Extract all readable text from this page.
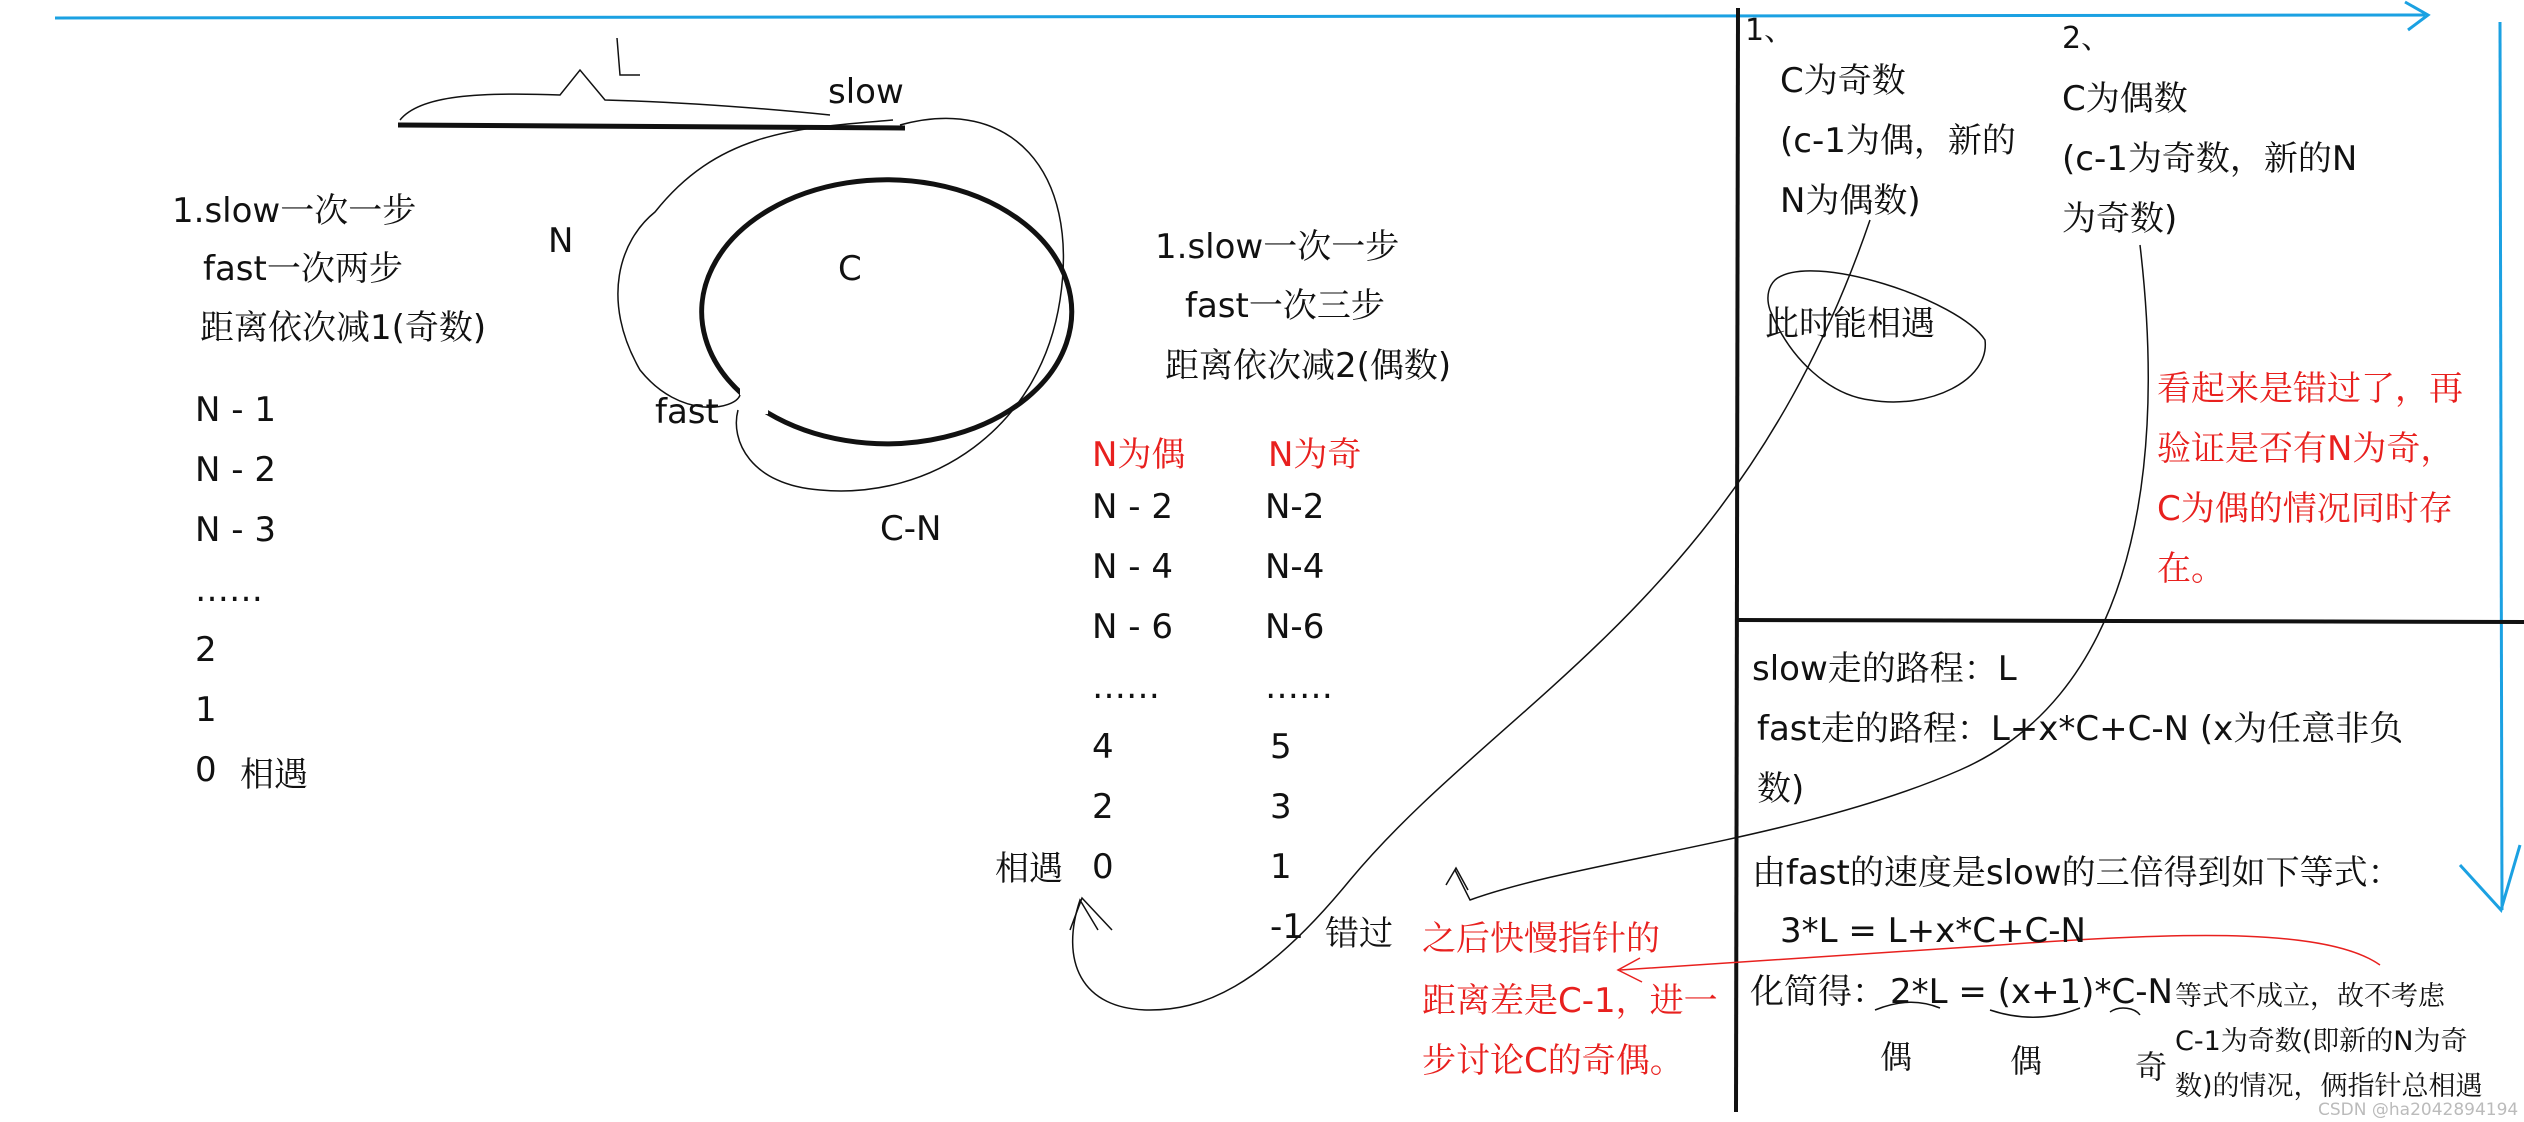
slow
fast
N
C
C-N
1.slow一次一步
fast一次两步
距离依次减1(奇数)
N - 1
N - 2
N - 3
……
2
1
0 相遇
1.slow一次一步
fast一次三步
距离依次减2(偶数)
N为偶 N为奇
N - 2
N - 4
N - 6
……
4
2
0
相遇
N-2
N-4
N-6
……
5
3
1
-1 错过 之后快慢指针的
距离差是C-1，进一
步讨论C的奇偶。
1、
C为奇数
(c-1为偶，新的
N为偶数)
此时能相遇
2、
C为偶数
(c-1为奇数，新的N
为奇数)
看起来是错过了，再
验证是否有N为奇，
C为偶的情况同时存
在。
slow走的路程：L
fast走的路程：L+x*C+C-N (x为任意非负
数)
由fast的速度是slow的三倍得到如下等式：
3*L = L+x*C+C-N
化简得： 2*L = (x+1)*C-N
偶	偶	奇
等式不成立，故不考虑
C-1为奇数(即新的N为奇
数)的情况，俩指针总相遇
CSDN @ha2042894194
